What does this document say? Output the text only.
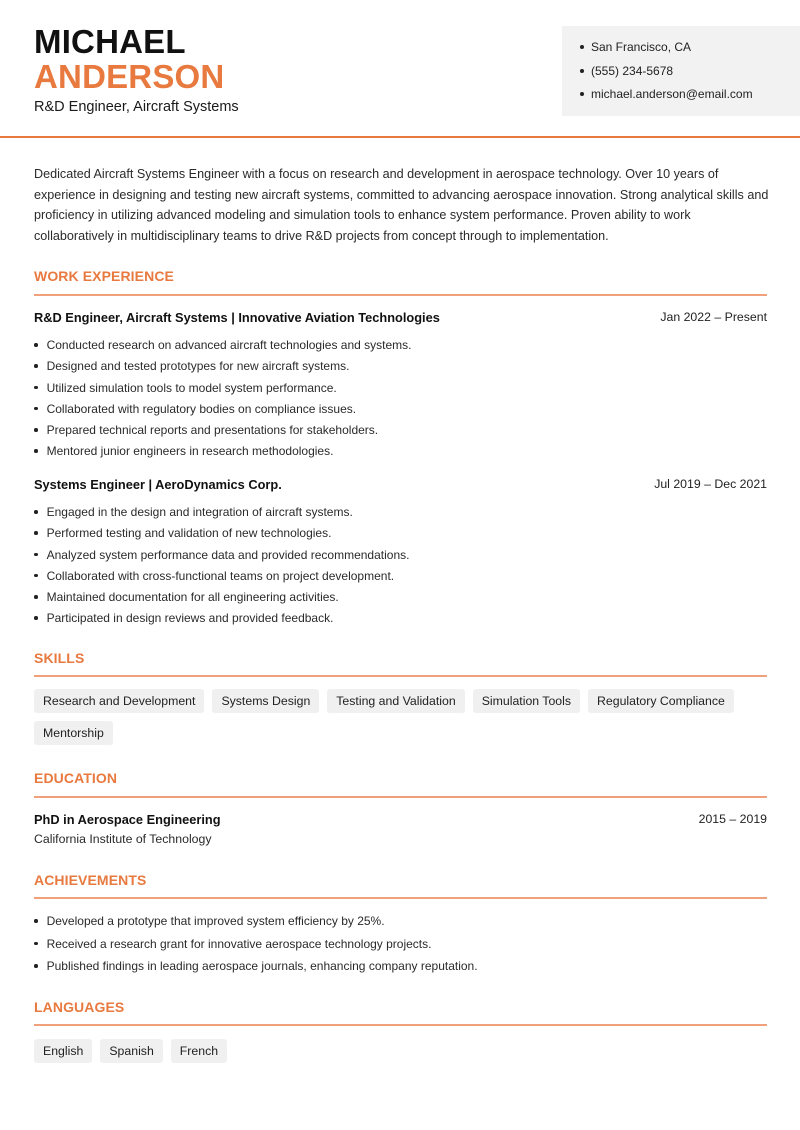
MICHAEL
ANDERSON
R&D Engineer, Aircraft Systems
San Francisco, CA
(555) 234-5678
michael.anderson@email.com
Dedicated Aircraft Systems Engineer with a focus on research and development in aerospace technology. Over 10 years of experience in designing and testing new aircraft systems, committed to advancing aerospace innovation. Strong analytical skills and proficiency in utilizing advanced modeling and simulation tools to enhance system performance. Proven ability to work collaboratively in multidisciplinary teams to drive R&D projects from concept through to implementation.
WORK EXPERIENCE
R&D Engineer, Aircraft Systems | Innovative Aviation Technologies	Jan 2022 – Present
Conducted research on advanced aircraft technologies and systems.
Designed and tested prototypes for new aircraft systems.
Utilized simulation tools to model system performance.
Collaborated with regulatory bodies on compliance issues.
Prepared technical reports and presentations for stakeholders.
Mentored junior engineers in research methodologies.
Systems Engineer | AeroDynamics Corp.	Jul 2019 – Dec 2021
Engaged in the design and integration of aircraft systems.
Performed testing and validation of new technologies.
Analyzed system performance data and provided recommendations.
Collaborated with cross-functional teams on project development.
Maintained documentation for all engineering activities.
Participated in design reviews and provided feedback.
SKILLS
Research and Development	Systems Design	Testing and Validation	Simulation Tools	Regulatory Compliance
Mentorship
EDUCATION
PhD in Aerospace Engineering	2015 – 2019
California Institute of Technology
ACHIEVEMENTS
Developed a prototype that improved system efficiency by 25%.
Received a research grant for innovative aerospace technology projects.
Published findings in leading aerospace journals, enhancing company reputation.
LANGUAGES
English	Spanish	French
